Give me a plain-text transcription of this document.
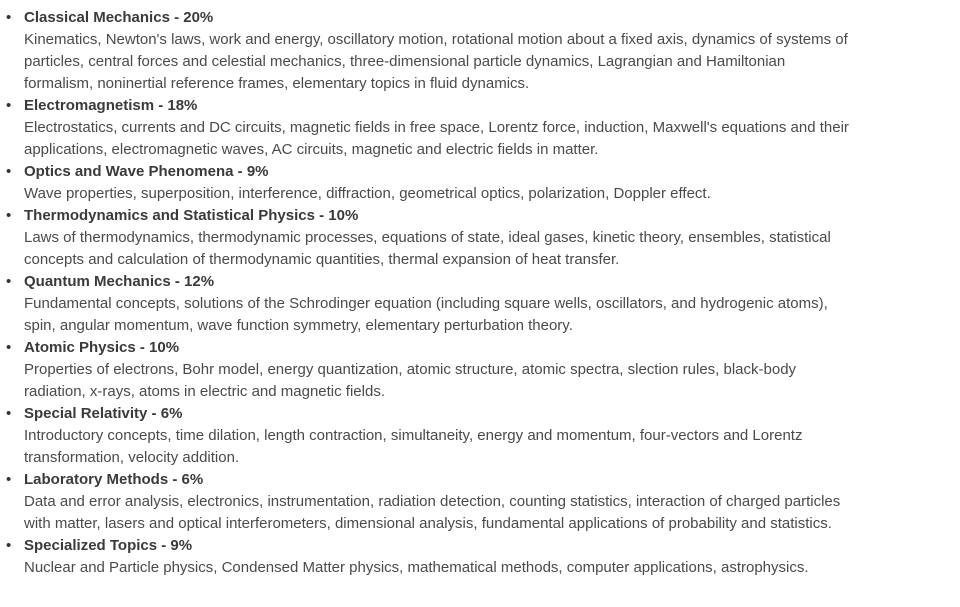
• Classical Mechanics - 20%
Kinematics, Newton's laws, work and energy, oscillatory motion, rotational motion about a fixed axis, dynamics of systems of particles, central forces and celestial mechanics, three-dimensional particle dynamics, Lagrangian and Hamiltonian formalism, noninertial reference frames, elementary topics in fluid dynamics.
• Electromagnetism - 18%
Electrostatics, currents and DC circuits, magnetic fields in free space, Lorentz force, induction, Maxwell's equations and their applications, electromagnetic waves, AC circuits, magnetic and electric fields in matter.
• Optics and Wave Phenomena - 9%
Wave properties, superposition, interference, diffraction, geometrical optics, polarization, Doppler effect.
• Thermodynamics and Statistical Physics - 10%
Laws of thermodynamics, thermodynamic processes, equations of state, ideal gases, kinetic theory, ensembles, statistical concepts and calculation of thermodynamic quantities, thermal expansion of heat transfer.
• Quantum Mechanics - 12%
Fundamental concepts, solutions of the Schrodinger equation (including square wells, oscillators, and hydrogenic atoms), spin, angular momentum, wave function symmetry, elementary perturbation theory.
• Atomic Physics - 10%
Properties of electrons, Bohr model, energy quantization, atomic structure, atomic spectra, slection rules, black-body radiation, x-rays, atoms in electric and magnetic fields.
• Special Relativity - 6%
Introductory concepts, time dilation, length contraction, simultaneity, energy and momentum, four-vectors and Lorentz transformation, velocity addition.
• Laboratory Methods - 6%
Data and error analysis, electronics, instrumentation, radiation detection, counting statistics, interaction of charged particles with matter, lasers and optical interferometers, dimensional analysis, fundamental applications of probability and statistics.
• Specialized Topics - 9%
Nuclear and Particle physics, Condensed Matter physics, mathematical methods, computer applications, astrophysics.
